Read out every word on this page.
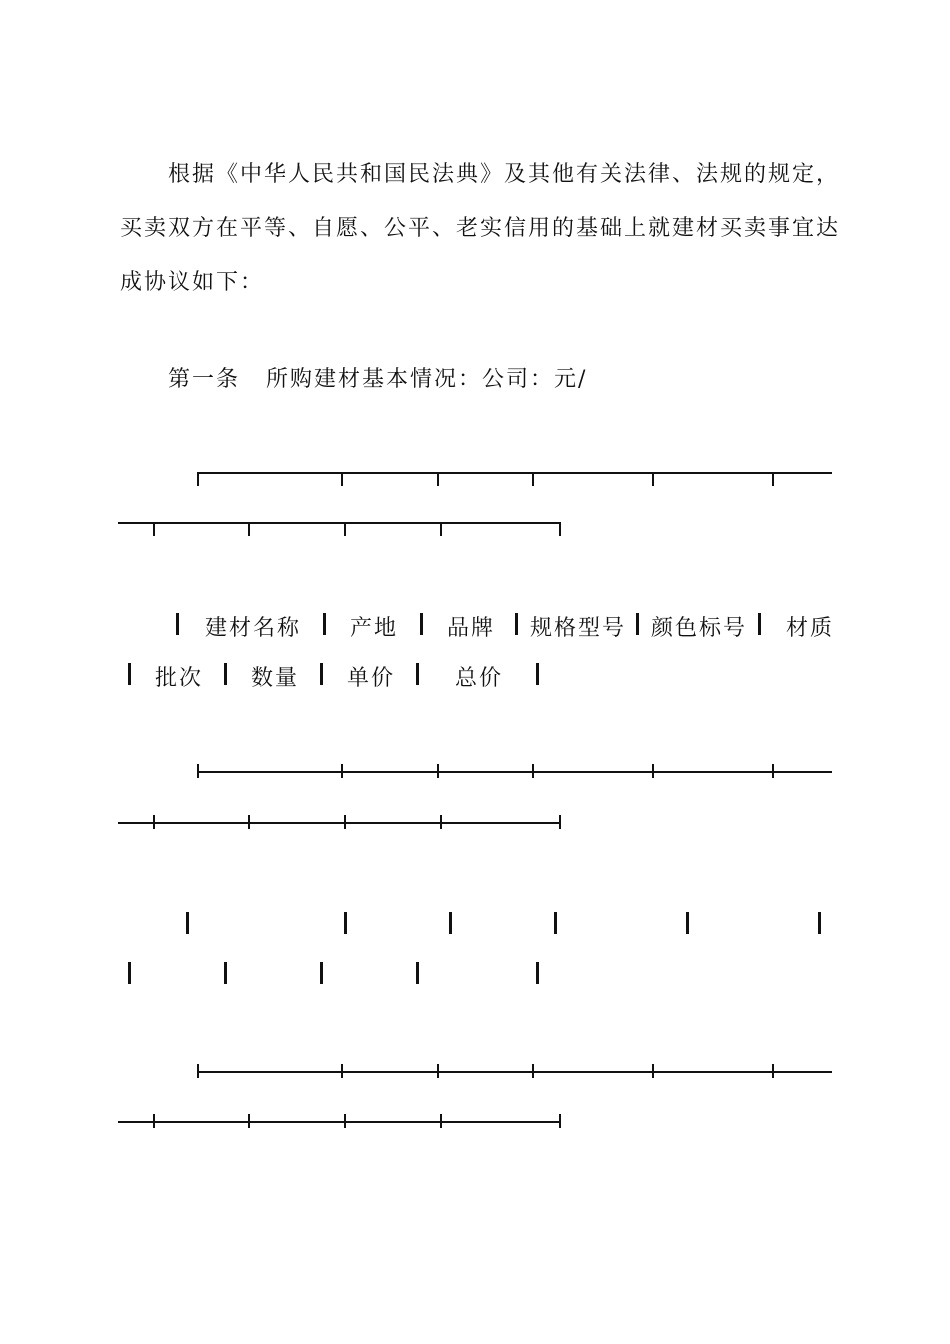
根据《中华人民共和国民法典》及其他有关法律、法规的规定，买卖双方在平等、自愿、公平、老实信用的基础上就建材买卖事宜达成协议如下：

第一条 所购建材基本情况：公司：元/
建材名称 产地 品牌 规格型号 颜色标号 材质
批次 数量 单价	总价
